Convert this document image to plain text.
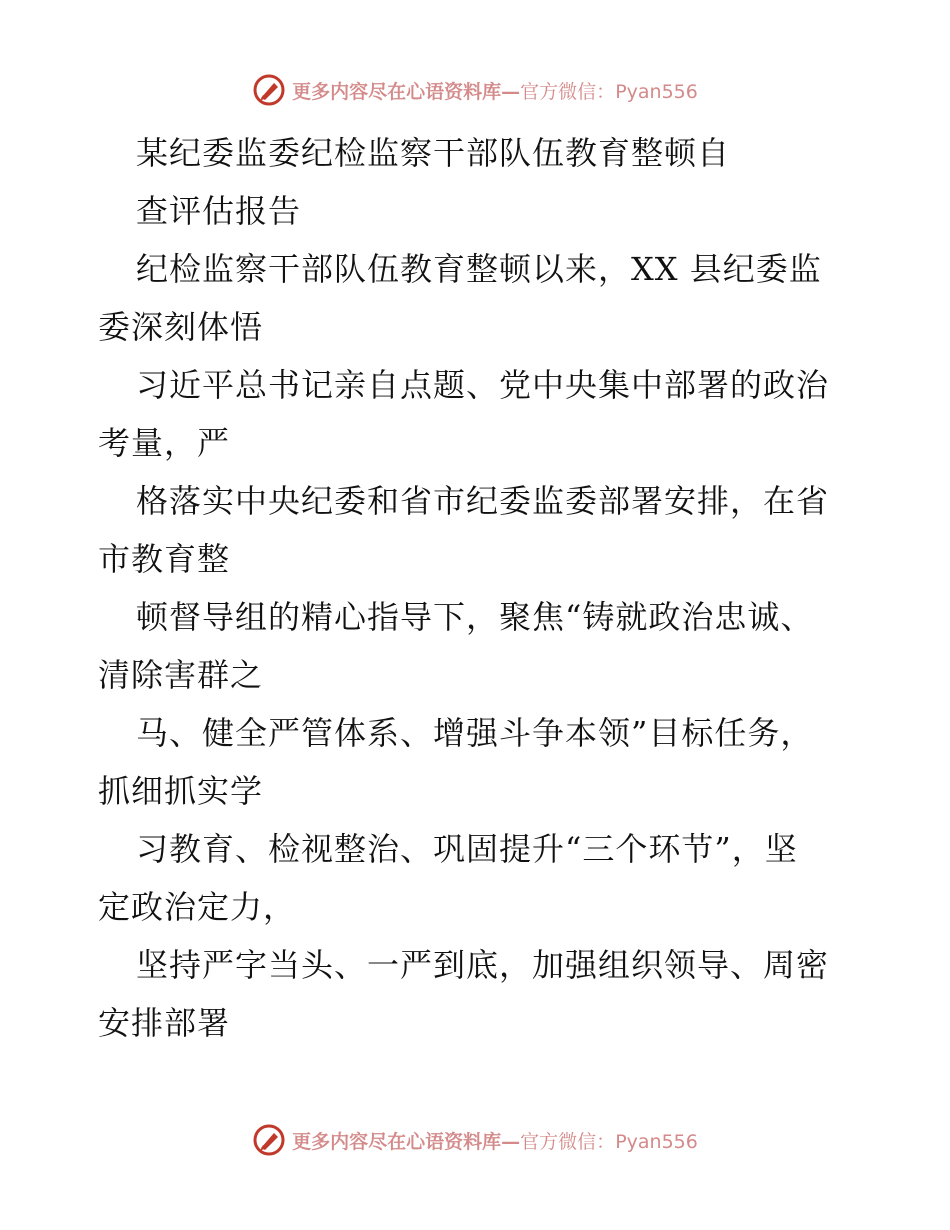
更多内容尽在心语资料库—官方微信：Pyan556
某纪委监委纪检监察干部队伍教育整顿自
查评估报告
纪检监察干部队伍教育整顿以来，XX 县纪委监
委深刻体悟
习近平总书记亲自点题、党中央集中部署的政治
考量，严
格落实中央纪委和省市纪委监委部署安排，在省
市教育整
顿督导组的精心指导下，聚焦“铸就政治忠诚、
清除害群之
马、健全严管体系、增强斗争本领”目标任务，
抓细抓实学
习教育、检视整治、巩固提升“三个环节”，坚
定政治定力，
坚持严字当头、一严到底，加强组织领导、周密
安排部署
更多内容尽在心语资料库—官方微信：Pyan556
